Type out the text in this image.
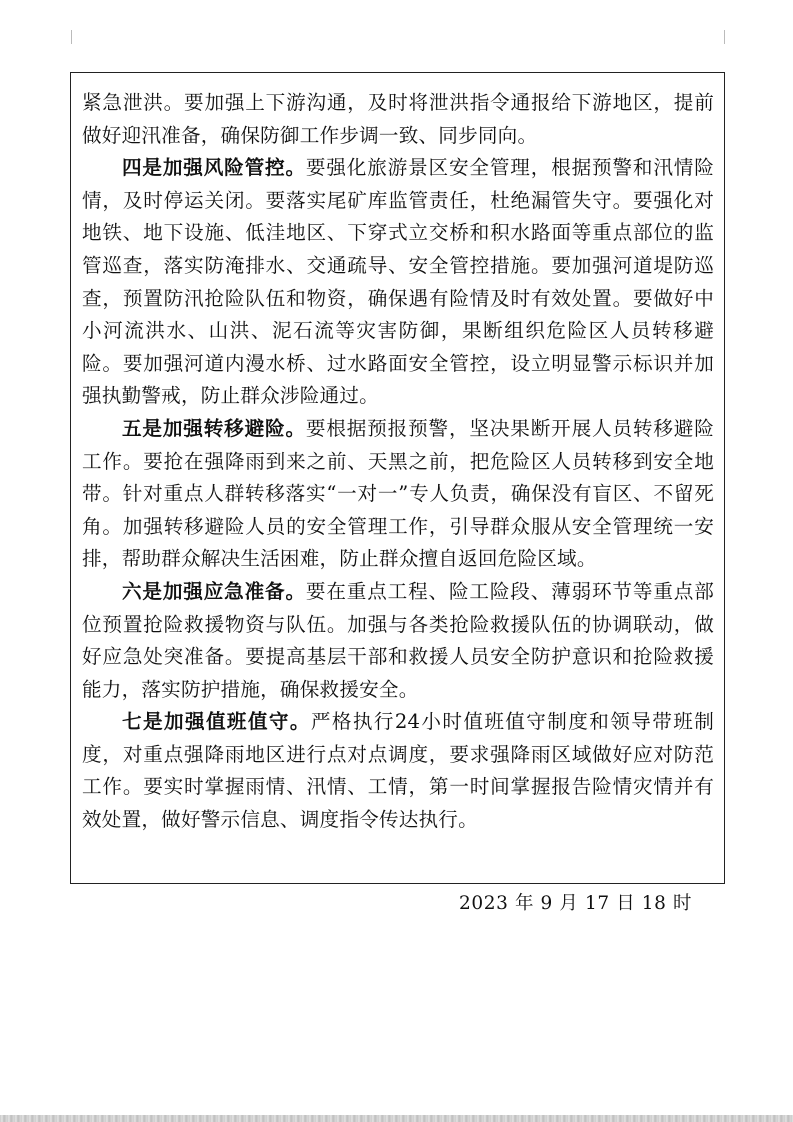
紧急泄洪。要加强上下游沟通，及时将泄洪指令通报给下游地区，提前做好迎汛准备，确保防御工作步调一致、同步同向。

四是加强风险管控。要强化旅游景区安全管理，根据预警和汛情险情，及时停运关闭。要落实尾矿库监管责任，杜绝漏管失守。要强化对地铁、地下设施、低洼地区、下穿式立交桥和积水路面等重点部位的监管巡查，落实防淹排水、交通疏导、安全管控措施。要加强河道堤防巡查，预置防汛抢险队伍和物资，确保遇有险情及时有效处置。要做好中小河流洪水、山洪、泥石流等灾害防御，果断组织危险区人员转移避险。要加强河道内漫水桥、过水路面安全管控，设立明显警示标识并加强执勤警戒，防止群众涉险通过。

五是加强转移避险。要根据预报预警，坚决果断开展人员转移避险工作。要抢在强降雨到来之前、天黑之前，把危险区人员转移到安全地带。针对重点人群转移落实“一对一”专人负责，确保没有盲区、不留死角。加强转移避险人员的安全管理工作，引导群众服从安全管理统一安排，帮助群众解决生活困难，防止群众擅自返回危险区域。

六是加强应急准备。要在重点工程、险工险段、薄弱环节等重点部位预置抢险救援物资与队伍。加强与各类抢险救援队伍的协调联动，做好应急处突准备。要提高基层干部和救援人员安全防护意识和抢险救援能力，落实防护措施，确保救援安全。

七是加强值班值守。严格执行24小时值班值守制度和领导带班制度，对重点强降雨地区进行点对点调度，要求强降雨区域做好应对防范工作。要实时掌握雨情、汛情、工情，第一时间掌握报告险情灾情并有效处置，做好警示信息、调度指令传达执行。

2023 年 9 月 17 日 18 时
